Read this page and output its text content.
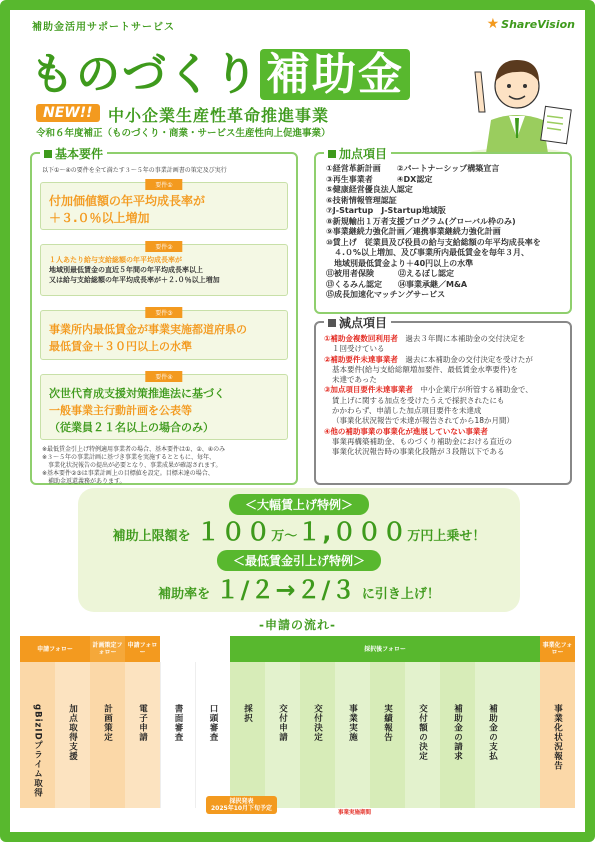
補助金活用サポートサービス	★ ShareVision
ものづくり 補助金
NEW!! 中小企業生産性革命推進事業
令和６年度補正（ものづくり・商業・サービス生産性向上促進事業）
基本要件
以下①～④の要件を全て満たす３～５年の事業計画書の策定及び実行
要件①
付加価値額の年平均成長率が
＋３.０％以上増加
要件②
１人あたり給与支給総額の年平均成長率が
地域別最低賃金の直近５年間の年平均成長率以上
又は給与支給総額の年平均成長率が＋２.０％以上増加
要件③
事業所内最低賃金が事業実施都道府県の
最低賃金＋３０円以上の水準
要件④
次世代育成支援対策推進法に基づく
一般事業主行動計画を公表等
（従業員２１名以上の場合のみ）
※最低賃金引上げ特例適用事業者の場合、基本要件は①、②、④のみ
※３～５年の事業計画に基づき事業を実施するとともに、毎年、
　事業化状況報告の提出が必要となり、事業成果が確認されます。
※基本要件②③は事業計画上の目標値を設定。目標未達の場合、
　補助金返還義務があります。
加点項目
①経営革新計画　　②パートナーシップ構築宣言
③再生事業者　　　④DX認定
⑤健康経営優良法人認定
⑥技術情報管理認証
⑦J-Startup　J-Startup地域版
⑧新規輸出１万者支援プログラム(グローバル枠のみ)
⑨事業継続力強化計画／連携事業継続力強化計画
⑩賃上げ　従業員及び役員の給与支給総額の年平均成長率を
　４.０%以上増加、及び事業所内最低賃金を毎年３月、
　地域別最低賃金より＋40円以上の水準
⑪被用者保険　　　⑫えるぼし認定
⑬くるみん認定　　⑭事業承継／M&A
⑮成長加速化マッチングサービス
減点項目
①補助金複数回利用者　 過去３年間に本補助金の交付決定を
１回受けている
②補助要件未達事業者　 過去に本補助金の交付決定を受けたが
基本要件(給与支給総額増加要件、最低賃金水準要件)を
未達であった
③加点項目要件未達事業者　 中小企業庁が所管する補助金で、
賃上げに関する加点を受けたうえで採択されたにも
かかわらず、申請した加点項目要件を未達成
（事業化状況報告で未達が報告されてから18か月間）
④他の補助事業の事業化が進展していない事業者
事業再構築補助金、ものづくり補助金における直近の
事業化状況報告時の事業化段階が３段階以下である
＜大幅賃上げ特例＞
補助上限額を １００万～１,０００万円上乗せ！
＜最低賃金引上げ特例＞
補助率を １/２→２/３ に引き上げ！
-申請の流れ-
申請フォロー	計画策定フォロー
申請フォロー	採択後フォロー	事業化フォロー
gBizIDプライム取得	加点取得支援	計画策定	電子申請	書面審査	口頭審査	採択	交付申請	交付決定	事業実施	実績報告	交付額の決定	補助金の請求	補助金の支払	事業化状況報告
採択発表
2025年10月下旬予定
事業実施期間
